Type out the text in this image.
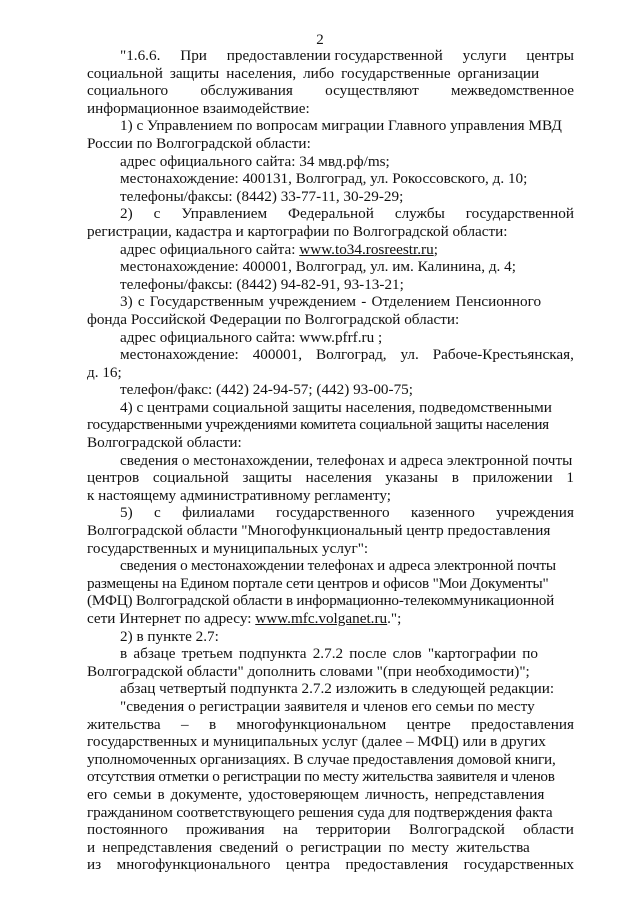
2
"1.6.6. При предоставлении государственной услуги центры

социальной защиты населения, либо государственные организации

социального обслуживания осуществляют межведомственное

информационное взаимодействие:

1) с Управлением по вопросам миграции Главного управления МВД

России по Волгоградской области:

адрес официального сайта: 34 мвд.рф/ms;

местонахождение: 400131, Волгоград, ул. Рокоссовского, д. 10;

телефоны/факсы: (8442) 33-77-11, 30-29-29;

2) с Управлением Федеральной службы государственной

регистрации, кадастра и картографии по Волгоградской области:

адрес официального сайта: www.to34.rosreestr.ru;

местонахождение: 400001, Волгоград, ул. им. Калинина, д. 4;

телефоны/факсы: (8442) 94-82-91, 93-13-21;

3) с Государственным учреждением - Отделением Пенсионного

фонда Российской Федерации по Волгоградской области:

адрес официального сайта: www.pfrf.ru ;

местонахождение: 400001, Волгоград, ул. Рабоче-Крестьянская,

д. 16;

телефон/факс: (442) 24-94-57; (442) 93-00-75;

4) с центрами социальной защиты населения, подведомственными

государственными учреждениями комитета социальной защиты населения

Волгоградской области:

сведения о местонахождении, телефонах и адреса электронной почты

центров социальной защиты населения указаны в приложении 1

к настоящему административному регламенту;

5) с филиалами государственного казенного учреждения

Волгоградской области "Многофункциональный центр предоставления

государственных и муниципальных услуг":

сведения о местонахождении телефонах и адреса электронной почты

размещены на Едином портале сети центров и офисов "Мои Документы"

(МФЦ) Волгоградской области в информационно-телекоммуникационной

сети Интернет по адресу: www.mfc.volganet.ru.";

2) в пункте 2.7:

в абзаце третьем подпункта 2.7.2 после слов "картографии по

Волгоградской области" дополнить словами "(при необходимости)";

абзац четвертый подпункта 2.7.2 изложить в следующей редакции:

"сведения о регистрации заявителя и членов его семьи по месту

жительства – в многофункциональном центре предоставления

государственных и муниципальных услуг (далее – МФЦ) или в других

уполномоченных организациях. В случае предоставления домовой книги,

отсутствия отметки о регистрации по месту жительства заявителя и членов

его семьи в документе, удостоверяющем личность, непредставления

гражданином соответствующего решения суда для подтверждения факта

постоянного проживания на территории Волгоградской области

и непредставления сведений о регистрации по месту жительства

из многофункционального центра предоставления государственных
